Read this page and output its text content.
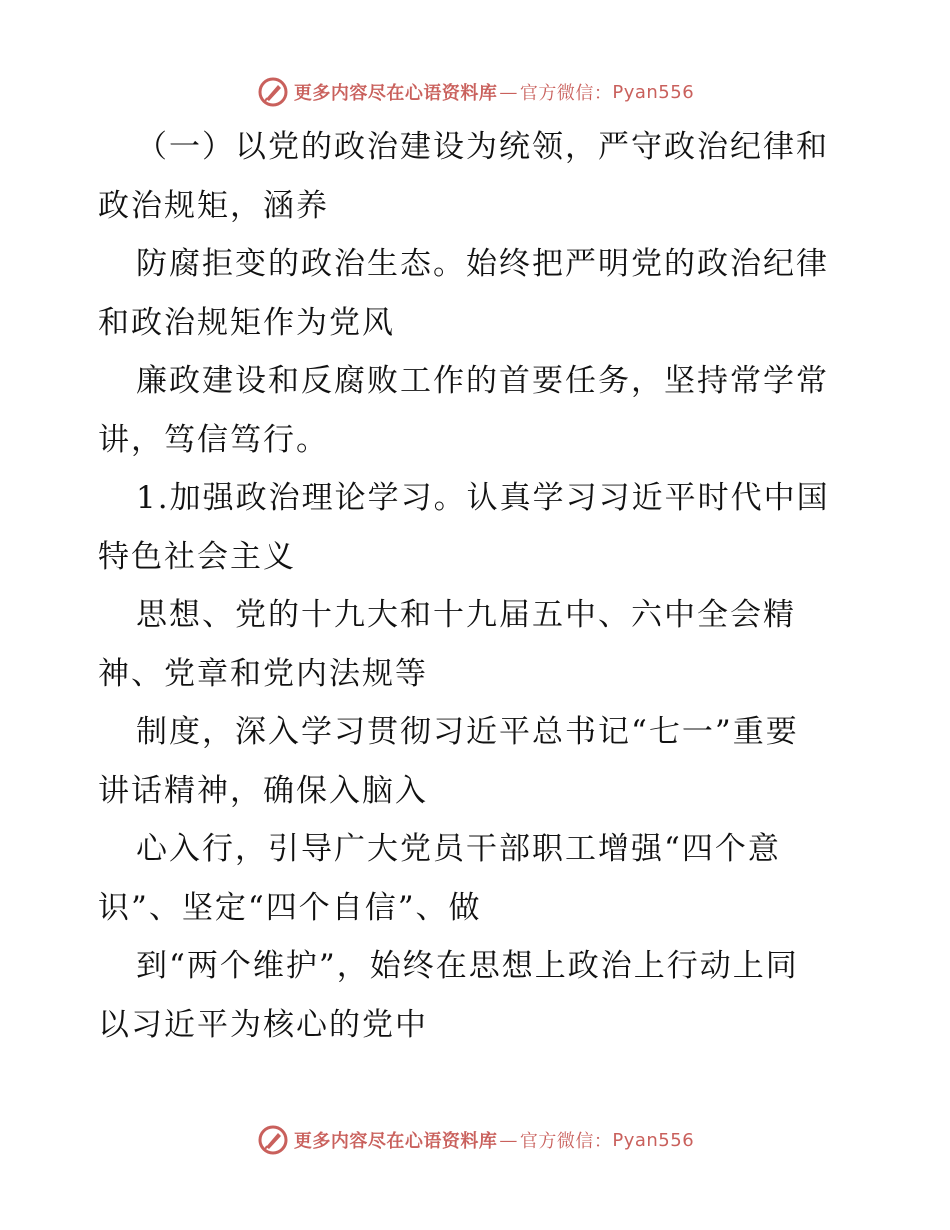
更多内容尽在心语资料库 — 官方微信： Pyan556
（一）以党的政治建设为统领，严守政治纪律和
政治规矩，涵养
防腐拒变的政治生态。始终把严明党的政治纪律
和政治规矩作为党风
廉政建设和反腐败工作的首要任务，坚持常学常
讲，笃信笃行。
1.加强政治理论学习。认真学习习近平时代中国
特色社会主义
思想、党的十九大和十九届五中、六中全会精
神、党章和党内法规等
制度，深入学习贯彻习近平总书记“七一”重要
讲话精神，确保入脑入
心入行，引导广大党员干部职工增强“四个意
识”、坚定“四个自信”、做
到“两个维护”，始终在思想上政治上行动上同
以习近平为核心的党中
更多内容尽在心语资料库 — 官方微信： Pyan556
